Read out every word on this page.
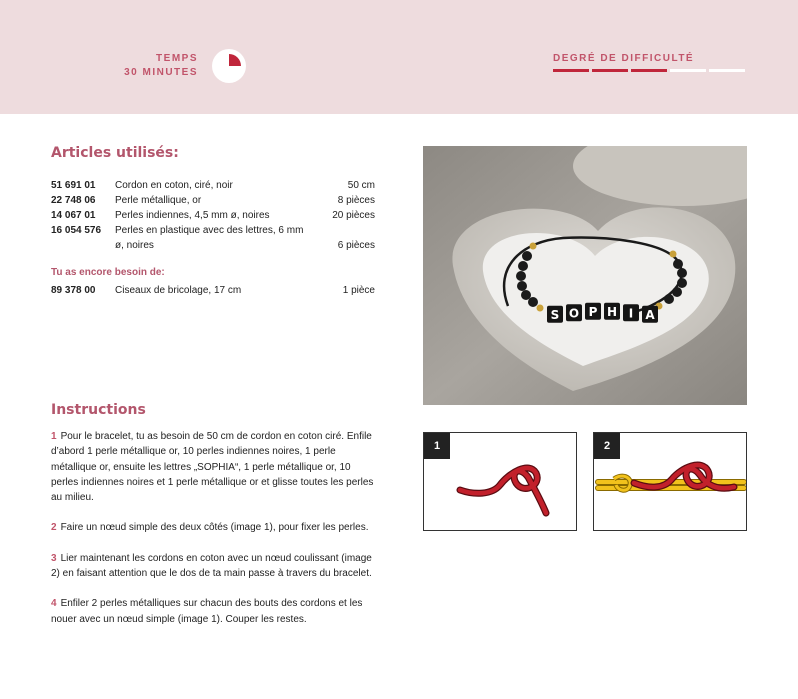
TEMPS
30 MINUTES
DEGRÉ DE DIFFICULTÉ
Articles utilisés:
51 691 01	Cordon en coton, ciré, noir	50 cm
22 748 06	Perle métallique, or	8 pièces
14 067 01	Perles indiennes, 4,5 mm ø, noires	20 pièces
16 054 576	Perles en plastique avec des lettres, 6 mm ø, noires	6 pièces
Tu as encore besoin de:
89 378 00	Ciseaux de bricolage, 17 cm	1 pièce
S O P H I A
Instructions
1 Pour le bracelet, tu as besoin de 50 cm de cordon en coton ciré. Enfile d’abord 1 perle métallique or, 10 perles indiennes noires, 1 perle métallique or, ensuite les lettres „SOPHIA“, 1 perle métallique or, 10 perles indiennes noires et 1 perle métallique or et glisse toutes les perles au milieu.
2 Faire un nœud simple des deux côtés (image 1), pour fixer les perles.
3 Lier maintenant les cordons en coton avec un nœud coulissant (image 2) en faisant attention que le dos de ta main passe à travers du bracelet.
4 Enfiler 2 perles métalliques sur chacun des bouts des cordons et les nouer avec un nœud simple (image 1). Couper les restes.
1	2
